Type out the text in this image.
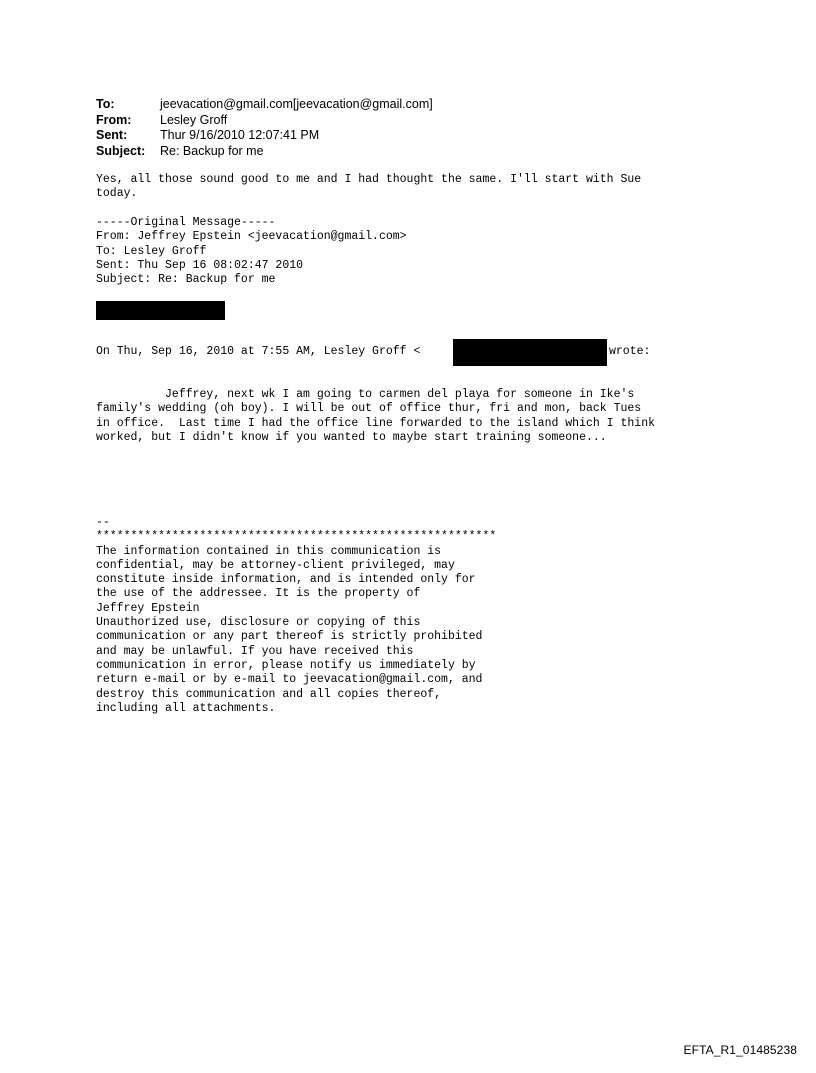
To:	jeevacation@gmail.com[jeevacation@gmail.com]
From:	Lesley Groff
Sent:	Thur 9/16/2010 12:07:41 PM
Subject:	Re: Backup for me
Yes, all those sound good to me and I had thought the same. I'll start with Sue
today.
-----Original Message-----
From: Jeffrey Epstein <jeevacation@gmail.com>
To: Lesley Groff
Sent: Thu Sep 16 08:02:47 2010
Subject: Re: Backup for me
On Thu, Sep 16, 2010 at 7:55 AM, Lesley Groff <	wrote:
Jeffrey, next wk I am going to carmen del playa for someone in Ike's
family's wedding (oh boy). I will be out of office thur, fri and mon, back Tues
in office.  Last time I had the office line forwarded to the island which I think
worked, but I didn't know if you wanted to maybe start training someone...
--
**********************************************************
The information contained in this communication is
confidential, may be attorney-client privileged, may
constitute inside information, and is intended only for
the use of the addressee. It is the property of
Jeffrey Epstein
Unauthorized use, disclosure or copying of this
communication or any part thereof is strictly prohibited
and may be unlawful. If you have received this
communication in error, please notify us immediately by
return e-mail or by e-mail to jeevacation@gmail.com, and
destroy this communication and all copies thereof,
including all attachments.
EFTA_R1_01485238
